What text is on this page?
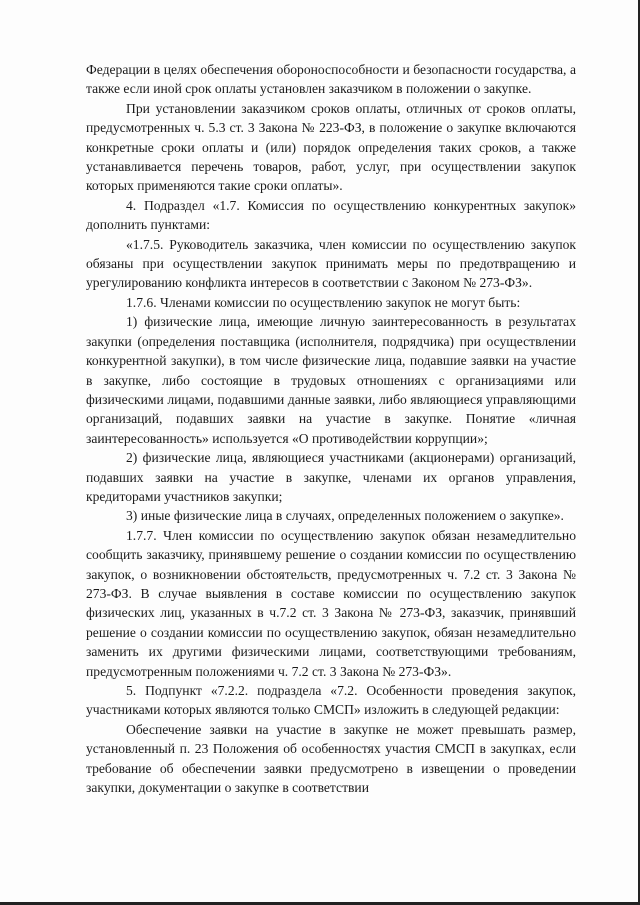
Федерации в целях обеспечения обороноспособности и безопасности государства, а также если иной срок оплаты установлен заказчиком в положении о закупке.

При установлении заказчиком сроков оплаты, отличных от сроков оплаты, предусмотренных ч. 5.3 ст. 3 Закона № 223-ФЗ, в положение о закупке включаются конкретные сроки оплаты и (или) порядок определения таких сроков, а также устанавливается перечень товаров, работ, услуг, при осуществлении закупок которых применяются такие сроки оплаты».

4. Подраздел «1.7. Комиссия по осуществлению конкурентных закупок» дополнить пунктами:

«1.7.5. Руководитель заказчика, член комиссии по осуществлению закупок обязаны при осуществлении закупок принимать меры по предотвращению и урегулированию конфликта интересов в соответствии с Законом № 273-ФЗ».

1.7.6. Членами комиссии по осуществлению закупок не могут быть:

1) физические лица, имеющие личную заинтересованность в результатах закупки (определения поставщика (исполнителя, подрядчика) при осуществлении конкурентной закупки), в том числе физические лица, подавшие заявки на участие в закупке, либо состоящие в трудовых отношениях с организациями или физическими лицами, подавшими данные заявки, либо являющиеся управляющими организаций, подавших заявки на участие в закупке. Понятие «личная заинтересованность» используется «О противодействии коррупции»;

2) физические лица, являющиеся участниками (акционерами) организаций, подавших заявки на участие в закупке, членами их органов управления, кредиторами участников закупки;

3) иные физические лица в случаях, определенных положением о закупке».

1.7.7. Член комиссии по осуществлению закупок обязан незамедлительно сообщить заказчику, принявшему решение о создании комиссии по осуществлению закупок, о возникновении обстоятельств, предусмотренных ч. 7.2 ст. 3 Закона № 273-ФЗ. В случае выявления в составе комиссии по осуществлению закупок физических лиц, указанных в ч.7.2 ст. 3 Закона № 273-ФЗ, заказчик, принявший решение о создании комиссии по осуществлению закупок, обязан незамедлительно заменить их другими физическими лицами, соответствующими требованиям, предусмотренным положениями ч. 7.2 ст. 3 Закона № 273-ФЗ».

5. Подпункт «7.2.2. подраздела «7.2. Особенности проведения закупок, участниками которых являются только СМСП» изложить в следующей редакции:

Обеспечение заявки на участие в закупке не может превышать размер, установленный п. 23 Положения об особенностях участия СМСП в закупках, если требование об обеспечении заявки предусмотрено в извещении о проведении закупки, документации о закупке в соответствии
